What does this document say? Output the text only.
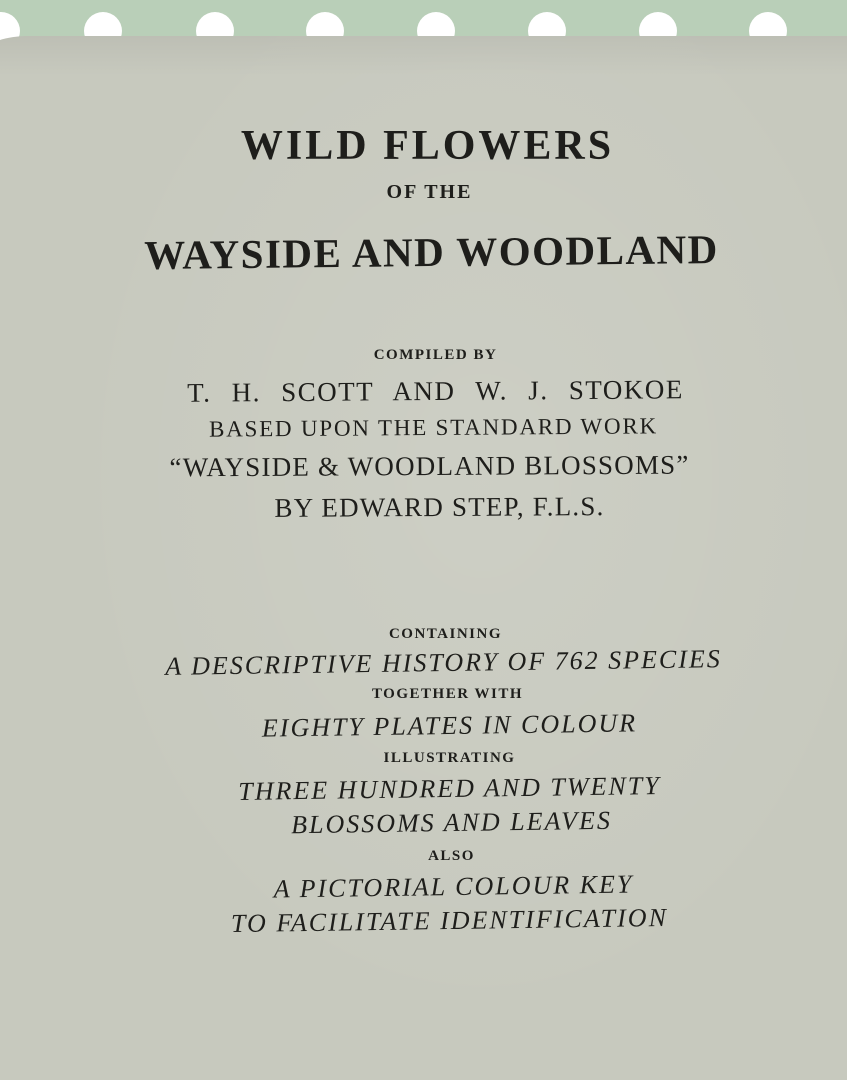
WILD FLOWERS
OF THE
WAYSIDE AND WOODLAND
COMPILED BY
T. H. SCOTT AND W. J. STOKOE
BASED UPON THE STANDARD WORK
“WAYSIDE & WOODLAND BLOSSOMS”
BY EDWARD STEP, F.L.S.
CONTAINING
A DESCRIPTIVE HISTORY OF 762 SPECIES
TOGETHER WITH
EIGHTY PLATES IN COLOUR
ILLUSTRATING
THREE HUNDRED AND TWENTY
BLOSSOMS AND LEAVES
ALSO
A PICTORIAL COLOUR KEY
TO FACILITATE IDENTIFICATION
